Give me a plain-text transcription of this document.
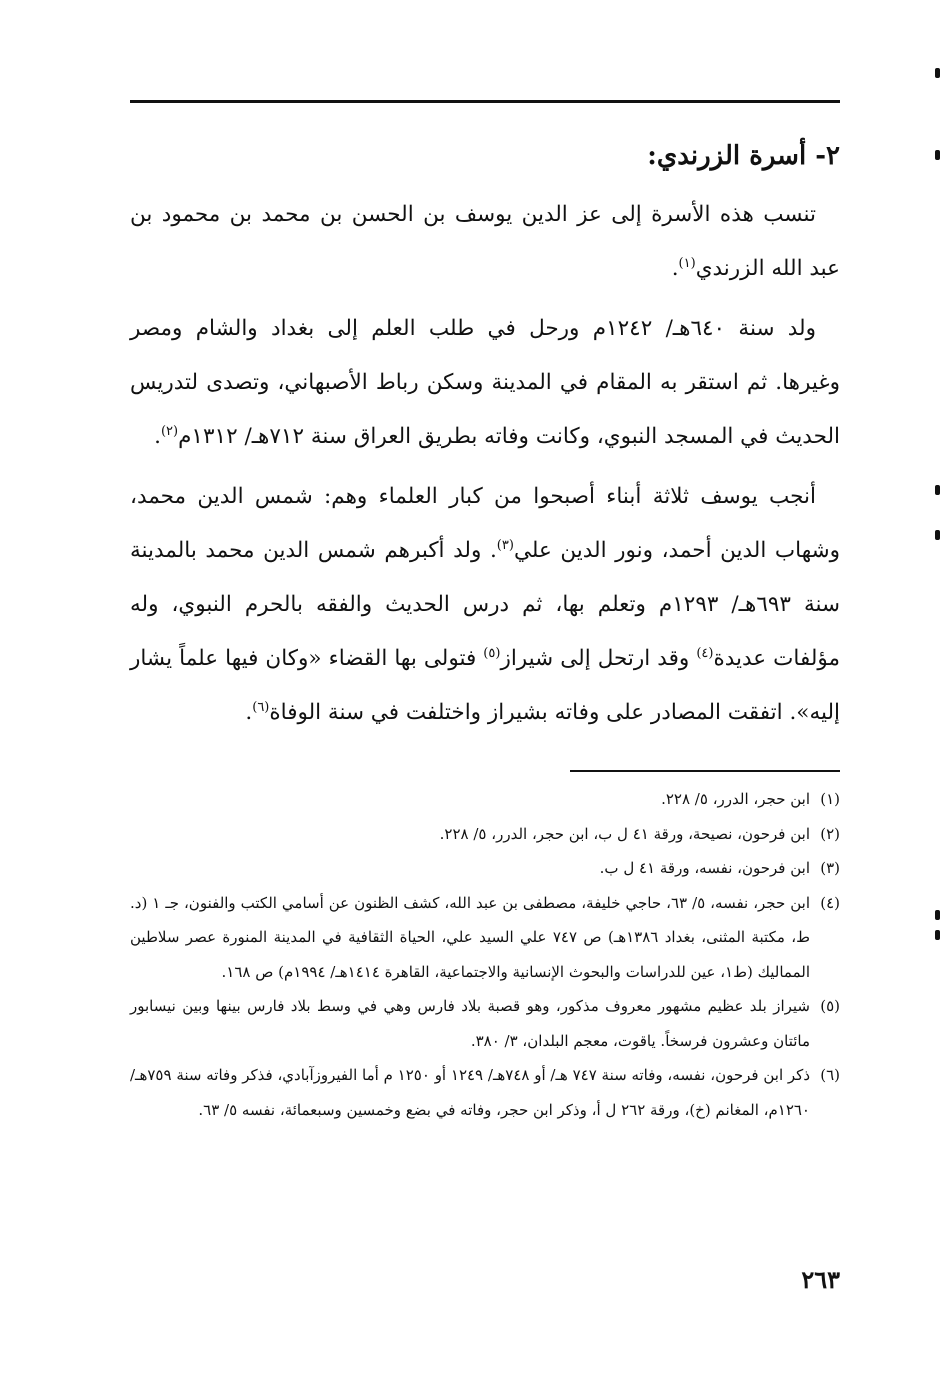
٢- أسرة الزرندي:

تنسب هذه الأسرة إلى عز الدين يوسف بن الحسن بن محمد بن محمود بن عبد الله الزرندي$^{(١)}$.

ولد سنة ٦٤٠هـ/ ١٢٤٢م ورحل في طلب العلم إلى بغداد والشام ومصر وغيرها. ثم استقر به المقام في المدينة وسكن رباط الأصبهاني، وتصدى لتدريس الحديث في المسجد النبوي، وكانت وفاته بطريق العراق سنة ٧١٢هـ/ ١٣١٢م$^{(٢)}$.

أنجب يوسف ثلاثة أبناء أصبحوا من كبار العلماء وهم: شمس الدين محمد، وشهاب الدين أحمد، ونور الدين علي$^{(٣)}$. ولد أكبرهم شمس الدين محمد بالمدينة سنة ٦٩٣هـ/ ١٢٩٣م وتعلم بها، ثم درس الحديث والفقه بالحرم النبوي، وله مؤلفات عديدة$^{(٤)}$ وقد ارتحل إلى شيراز$^{(٥)}$ فتولى بها القضاء «وكان فيها علماً يشار إليه». اتفقت المصادر على وفاته بشيراز واختلفت في سنة الوفاة$^{(٦)}$.

(١)
ابن حجر، الدرر، ٥/ ٢٢٨.

(٢)
ابن فرحون، نصيحة، ورقة ٤١ ل ب، ابن حجر، الدرر، ٥/ ٢٢٨.

(٣)
ابن فرحون، نفسه، ورقة ٤١ ل ب.

(٤)
ابن حجر، نفسه، ٥/ ٦٣، حاجي خليفة، مصطفى بن عبد الله، كشف الظنون عن أسامي الكتب والفنون، جـ ١ (د. ط، مكتبة المثنى، بغداد ١٣٨٦هـ) ص ٧٤٧ علي السيد علي، الحياة الثقافية في المدينة المنورة عصر سلاطين المماليك (ط١، عين للدراسات والبحوث الإنسانية والاجتماعية، القاهرة ١٤١٤هـ/ ١٩٩٤م) ص ١٦٨.

(٥)
شيراز بلد عظيم مشهور معروف مذكور، وهو قصبة بلاد فارس وهي في وسط بلاد فارس بينها وبين نيسابور مائتان وعشرون فرسخاً. ياقوت، معجم البلدان، ٣/ ٣٨٠.

(٦)
ذكر ابن فرحون، نفسه، وفاته سنة ٧٤٧ هـ/ أو ٧٤٨هـ/ ١٢٤٩ أو ١٢٥٠ م أما الفيروزآبادي، فذكر وفاته سنة ٧٥٩هـ/ ١٢٦٠م، المغانم (خ)، ورقة ٢٦٢ ل أ، وذكر ابن حجر، وفاته في بضع وخمسين وسبعمائة، نفسه ٥/ ٦٣.

٢٦٣
